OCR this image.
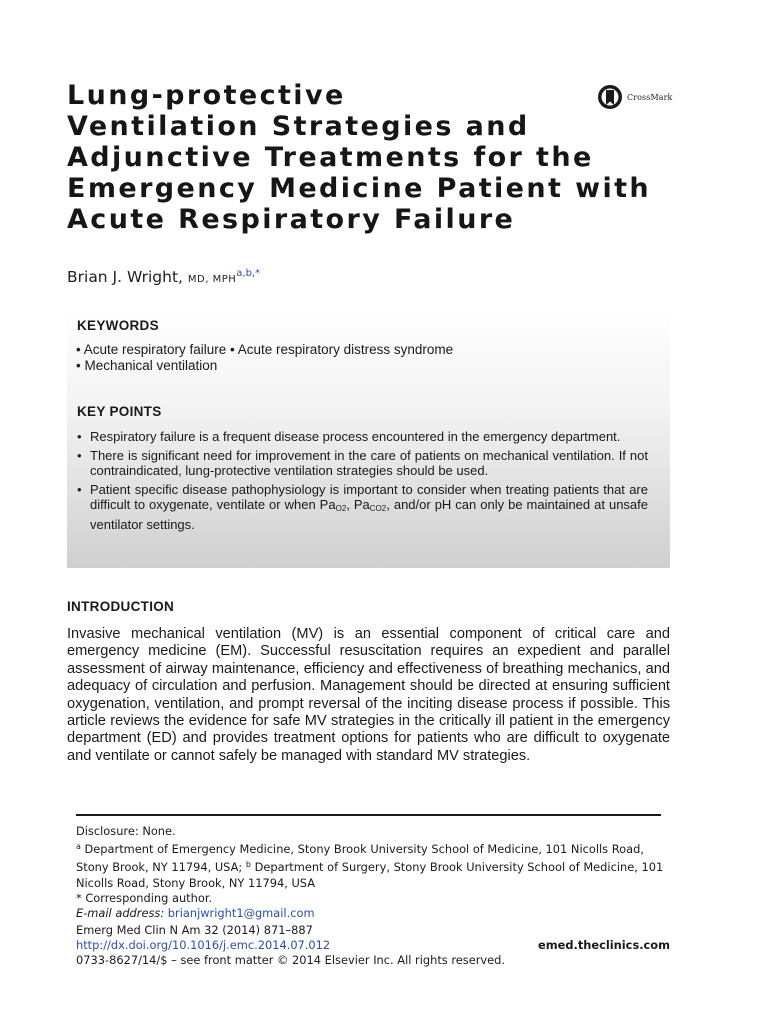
Lung-protective
Ventilation Strategies and
Adjunctive Treatments for the
Emergency Medicine Patient with
Acute Respiratory Failure
CrossMark
Brian J. Wright, MD, $MPH^{a,b,*}$
KEYWORDS
• Acute respiratory failure • Acute respiratory distress syndrome
• Mechanical ventilation
KEY POINTS
• Respiratory failure is a frequent disease process encountered in the emergency department.
• There is significant need for improvement in the care of patients on mechanical ventilation. If not contraindicated, lung-protective ventilation strategies should be used.
• Patient specific disease pathophysiology is important to consider when treating patients that are difficult to oxygenate, ventilate or when $Pa_{O2}$, $Pa_{CO2}$, and/or pH can only be maintained at unsafe ventilator settings.
INTRODUCTION

Invasive mechanical ventilation (MV) is an essential component of critical care and emergency medicine (EM). Successful resuscitation requires an expedient and parallel assessment of airway maintenance, efficiency and effectiveness of breathing mechanics, and adequacy of circulation and perfusion. Management should be directed at ensuring sufficient oxygenation, ventilation, and prompt reversal of the inciting disease process if possible. This article reviews the evidence for safe MV strategies in the critically ill patient in the emergency department (ED) and provides treatment options for patients who are difficult to oxygenate and ventilate or cannot safely be managed with standard MV strategies.

Disclosure: None.

$^a$ Department of Emergency Medicine, Stony Brook University School of Medicine, 101 Nicolls Road, Stony Brook, NY 11794, USA; $^b$ Department of Surgery, Stony Brook University School of Medicine, 101 Nicolls Road, Stony Brook, NY 11794, USA

* Corresponding author.

E-mail address: brianjwright1@gmail.com

Emerg Med Clin N Am 32 (2014) 871–887

http://dx.doi.org/10.1016/j.emc.2014.07.012

0733-8627/14/$ – see front matter © 2014 Elsevier Inc. All rights reserved.

emed.theclinics.com
